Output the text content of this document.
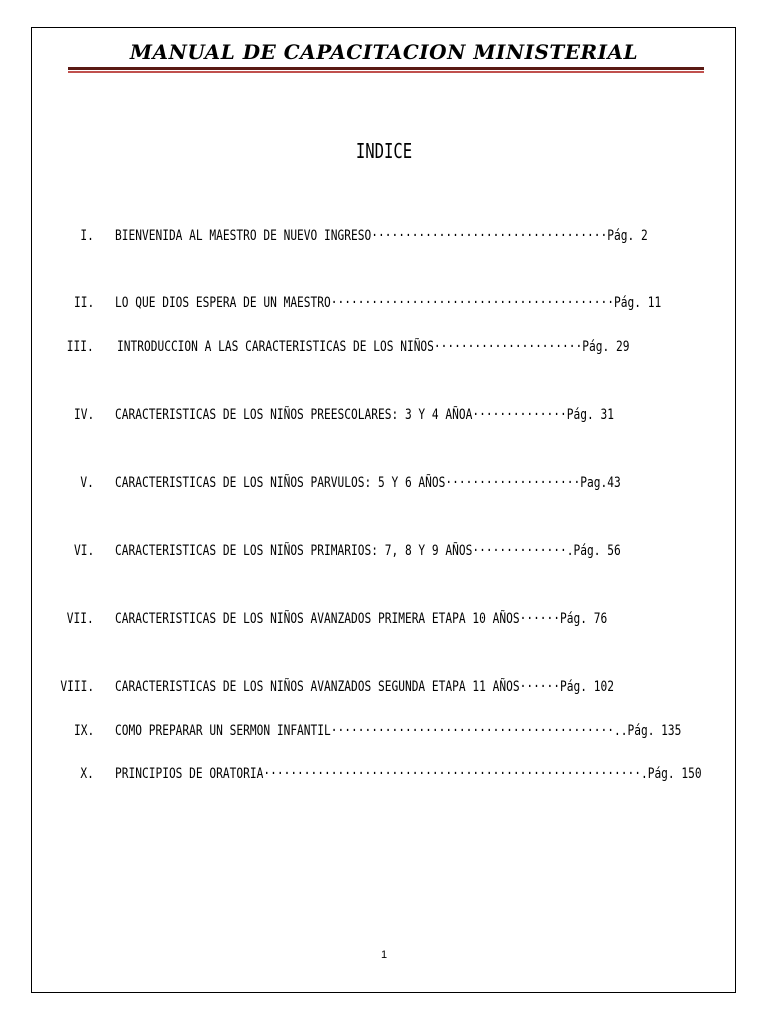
MANUAL DE CAPACITACION MINISTERIAL
INDICE
I. BIENVENIDA AL MAESTRO DE NUEVO INGRESO···································Pág. 2
II. LO QUE DIOS ESPERA DE UN MAESTRO··········································Pág. 11
III. INTRODUCCION A LAS CARACTERISTICAS DE LOS NIÑOS······················Pág. 29
IV. CARACTERISTICAS DE LOS NIÑOS PREESCOLARES: 3 Y 4 AÑOA··············Pág. 31
V. CARACTERISTICAS DE LOS NIÑOS PARVULOS: 5 Y 6 AÑOS····················Pag.43
VI. CARACTERISTICAS DE LOS NIÑOS PRIMARIOS: 7, 8 Y 9 AÑOS··············.Pág. 56
VII. CARACTERISTICAS DE LOS NIÑOS AVANZADOS PRIMERA ETAPA 10 AÑOS······Pág. 76
VIII. CARACTERISTICAS DE LOS NIÑOS AVANZADOS SEGUNDA ETAPA 11 AÑOS······Pág. 102
IX. COMO PREPARAR UN SERMON INFANTIL··········································..Pág. 135
X. PRINCIPIOS DE ORATORIA························································.Pág. 150
1
